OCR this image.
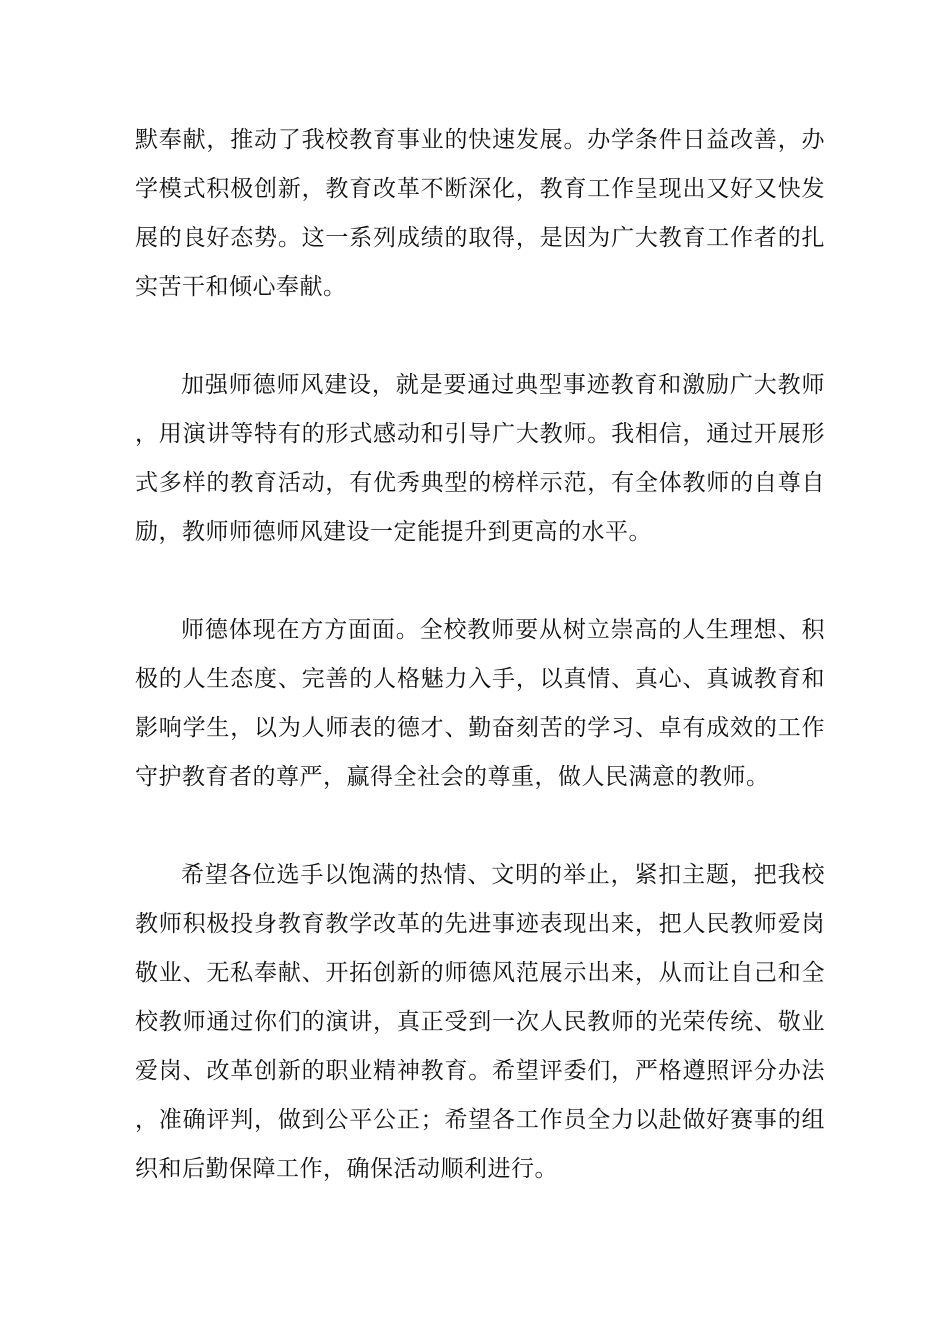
默奉献，推动了我校教育事业的快速发展。办学条件日益改善，办学模式积极创新，教育改革不断深化，教育工作呈现出又好又快发展的良好态势。这一系列成绩的取得，是因为广大教育工作者的扎实苦干和倾心奉献。

加强师德师风建设，就是要通过典型事迹教育和激励广大教师，用演讲等特有的形式感动和引导广大教师。我相信，通过开展形式多样的教育活动，有优秀典型的榜样示范，有全体教师的自尊自励，教师师德师风建设一定能提升到更高的水平。

师德体现在方方面面。全校教师要从树立崇高的人生理想、积极的人生态度、完善的人格魅力入手，以真情、真心、真诚教育和影响学生，以为人师表的德才、勤奋刻苦的学习、卓有成效的工作守护教育者的尊严，赢得全社会的尊重，做人民满意的教师。

希望各位选手以饱满的热情、文明的举止，紧扣主题，把我校教师积极投身教育教学改革的先进事迹表现出来，把人民教师爱岗敬业、无私奉献、开拓创新的师德风范展示出来，从而让自己和全校教师通过你们的演讲，真正受到一次人民教师的光荣传统、敬业爱岗、改革创新的职业精神教育。希望评委们，严格遵照评分办法，准确评判，做到公平公正；希望各工作员全力以赴做好赛事的组织和后勤保障工作，确保活动顺利进行。
